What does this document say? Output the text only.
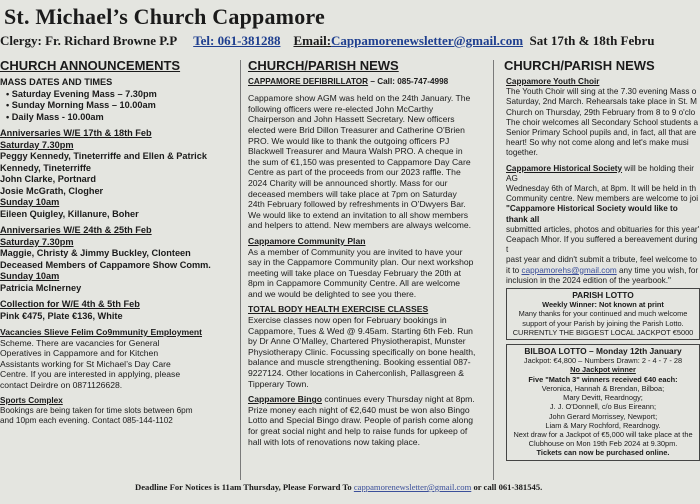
St. Michael’s Church Cappamore
Clergy: Fr. Richard Browne P.P Tel: 061-381288 Email:Cappamorenewsletter@gmail.com Sat 17th & 18th Febru
CHURCH ANNOUNCEMENTS
MASS DATES AND TIMES
• Saturday Evening Mass – 7.30pm
• Sunday Morning Mass – 10.00am
• Daily Mass - 10.00am
Anniversaries W/E 17th & 18th Feb
Saturday 7.30pm
Peggy Kennedy, Tineterriffe and Ellen & Patrick
Kennedy, Tineterriffe
John Clarke, Portnard
Josie McGrath, Clogher
Sunday 10am
Eileen Quigley, Killanure, Boher
Anniversaries W/E 24th & 25th Feb
Saturday 7.30pm
Maggie, Christy & Jimmy Buckley, Clonteen
Deceased Members of Cappamore Show Comm.
Sunday 10am
Patricia McInerney
Collection for W/E 4th & 5th Feb
Pink €475, Plate €136, White

Vacancies Slieve Felim Co9mmunity Employment

Scheme. There are vacancies for General

Operatives in Cappamore and for Kitchen

Assistants working for St Michael’s Day Care

Centre. If you are interested in applying, please

contact Deirdre on 0871126628.

Sports Complex

Bookings are being taken for time slots between 6pm

and 10pm each evening. Contact 085-144-1102

CHURCH/PARISH NEWS

CAPPAMORE DEFIBRILLATOR – Call: 085-747-4998

Cappamore show AGM was held on the 24th January. The

following officers were re-elected John McCarthy

Chairperson and John Hassett Secretary. New officers

elected were Brid Dillon Treasurer and Catherine O’Brien

PRO. We would like to thank the outgoing officers PJ

Blackwell Treasurer and Maura Walsh PRO. A cheque in

the sum of €1,150 was presented to Cappamore Day Care

Centre as part of the proceeds from our 2023 raffle. The

2024 Charity will be announced shortly. Mass for our

deceased members will take place at 7pm on Saturday

24th February followed by refreshments in O’Dwyers Bar.

We would like to extend an invitation to all show members

and helpers to attend. New members are always welcome.

Cappamore Community Plan

As a member of Community you are invited to have your

say in the Cappamore Community plan. Our next workshop

meeting will take place on Tuesday February the 20th at

8pm in Cappamore Community Centre. All are welcome

and we would be delighted to see you there.

TOTAL BODY HEALTH EXERCISE CLASSES

Exercise classes now open for February bookings in

Cappamore, Tues & Wed @ 9.45am. Starting 6th Feb. Run

by Dr Anne O’Malley, Chartered Physiotherapist, Munster

Physiotherapy Clinic. Focussing specifically on bone health,

balance and muscle strengthening. Booking essential 087-

9227124. Other locations in Caherconlish, Pallasgreen &

Tipperary Town.

Cappamore Bingo continues every Thursday night at 8pm.

Prize money each night of €2,640 must be won also Bingo

Lotto and Special Bingo draw. People of parish come along

for great social night and help to raise funds for upkeep of

hall with lots of renovations now taking place.

CHURCH/PARISH NEWS

Cappamore Youth Choir

The Youth Choir will sing at the 7.30 evening Mass o

Saturday, 2nd March. Rehearsals take place in St. M

Church on Thursday, 29th February from 8 to 9 o'clo

The choir welcomes all Secondary School students a

Senior Primary School pupils and, in fact, all that are

heart! So why not come along and let's make musi

together.

Cappamore Historical Society will be holding their AG

Wednesday 6th of March, at 8pm. It will be held in th

Community centre. New members are welcome to joi

"Cappamore Historical Society would like to thank all

submitted articles, photos and obituaries for this year'

Ceapach Mhor. If you suffered a bereavement during t

past year and didn't submit a tribute, feel welcome to

it to cappamorehs@gmail.com any time you wish, for

inclusion in the 2024 edition of the yearbook."

PARISH LOTTO
Weekly Winner: Not known at print
Many thanks for your continued and much welcome
support of your Parish by joining the Parish Lotto.
CURRENTLY THE BIGGEST LOCAL JACKPOT €5000
BILBOA LOTTO – Monday 12th January
Jackpot: €4,800 – Numbers Drawn: 2 - 4 - 7 - 28
No Jackpot winner
Five "Match 3" winners received €40 each:
Veronica, Hannah & Brendan, Bilboa;
Mary Devitt, Reardnogy;
J. J. O'Donnell, c/o Bus Eireann;
John Gerard Morrissey, Newport;
Liam & Mary Rochford, Reardnogy.
Next draw for a Jackpot of €5,000 will take place at the
Clubhouse on Mon 19th Feb 2024 at 9.30pm.
Tickets can now be purchased online.
Deadline For Notices is 11am Thursday, Please Forward To cappamorenewsletter@gmail.com or call 061-381545.
